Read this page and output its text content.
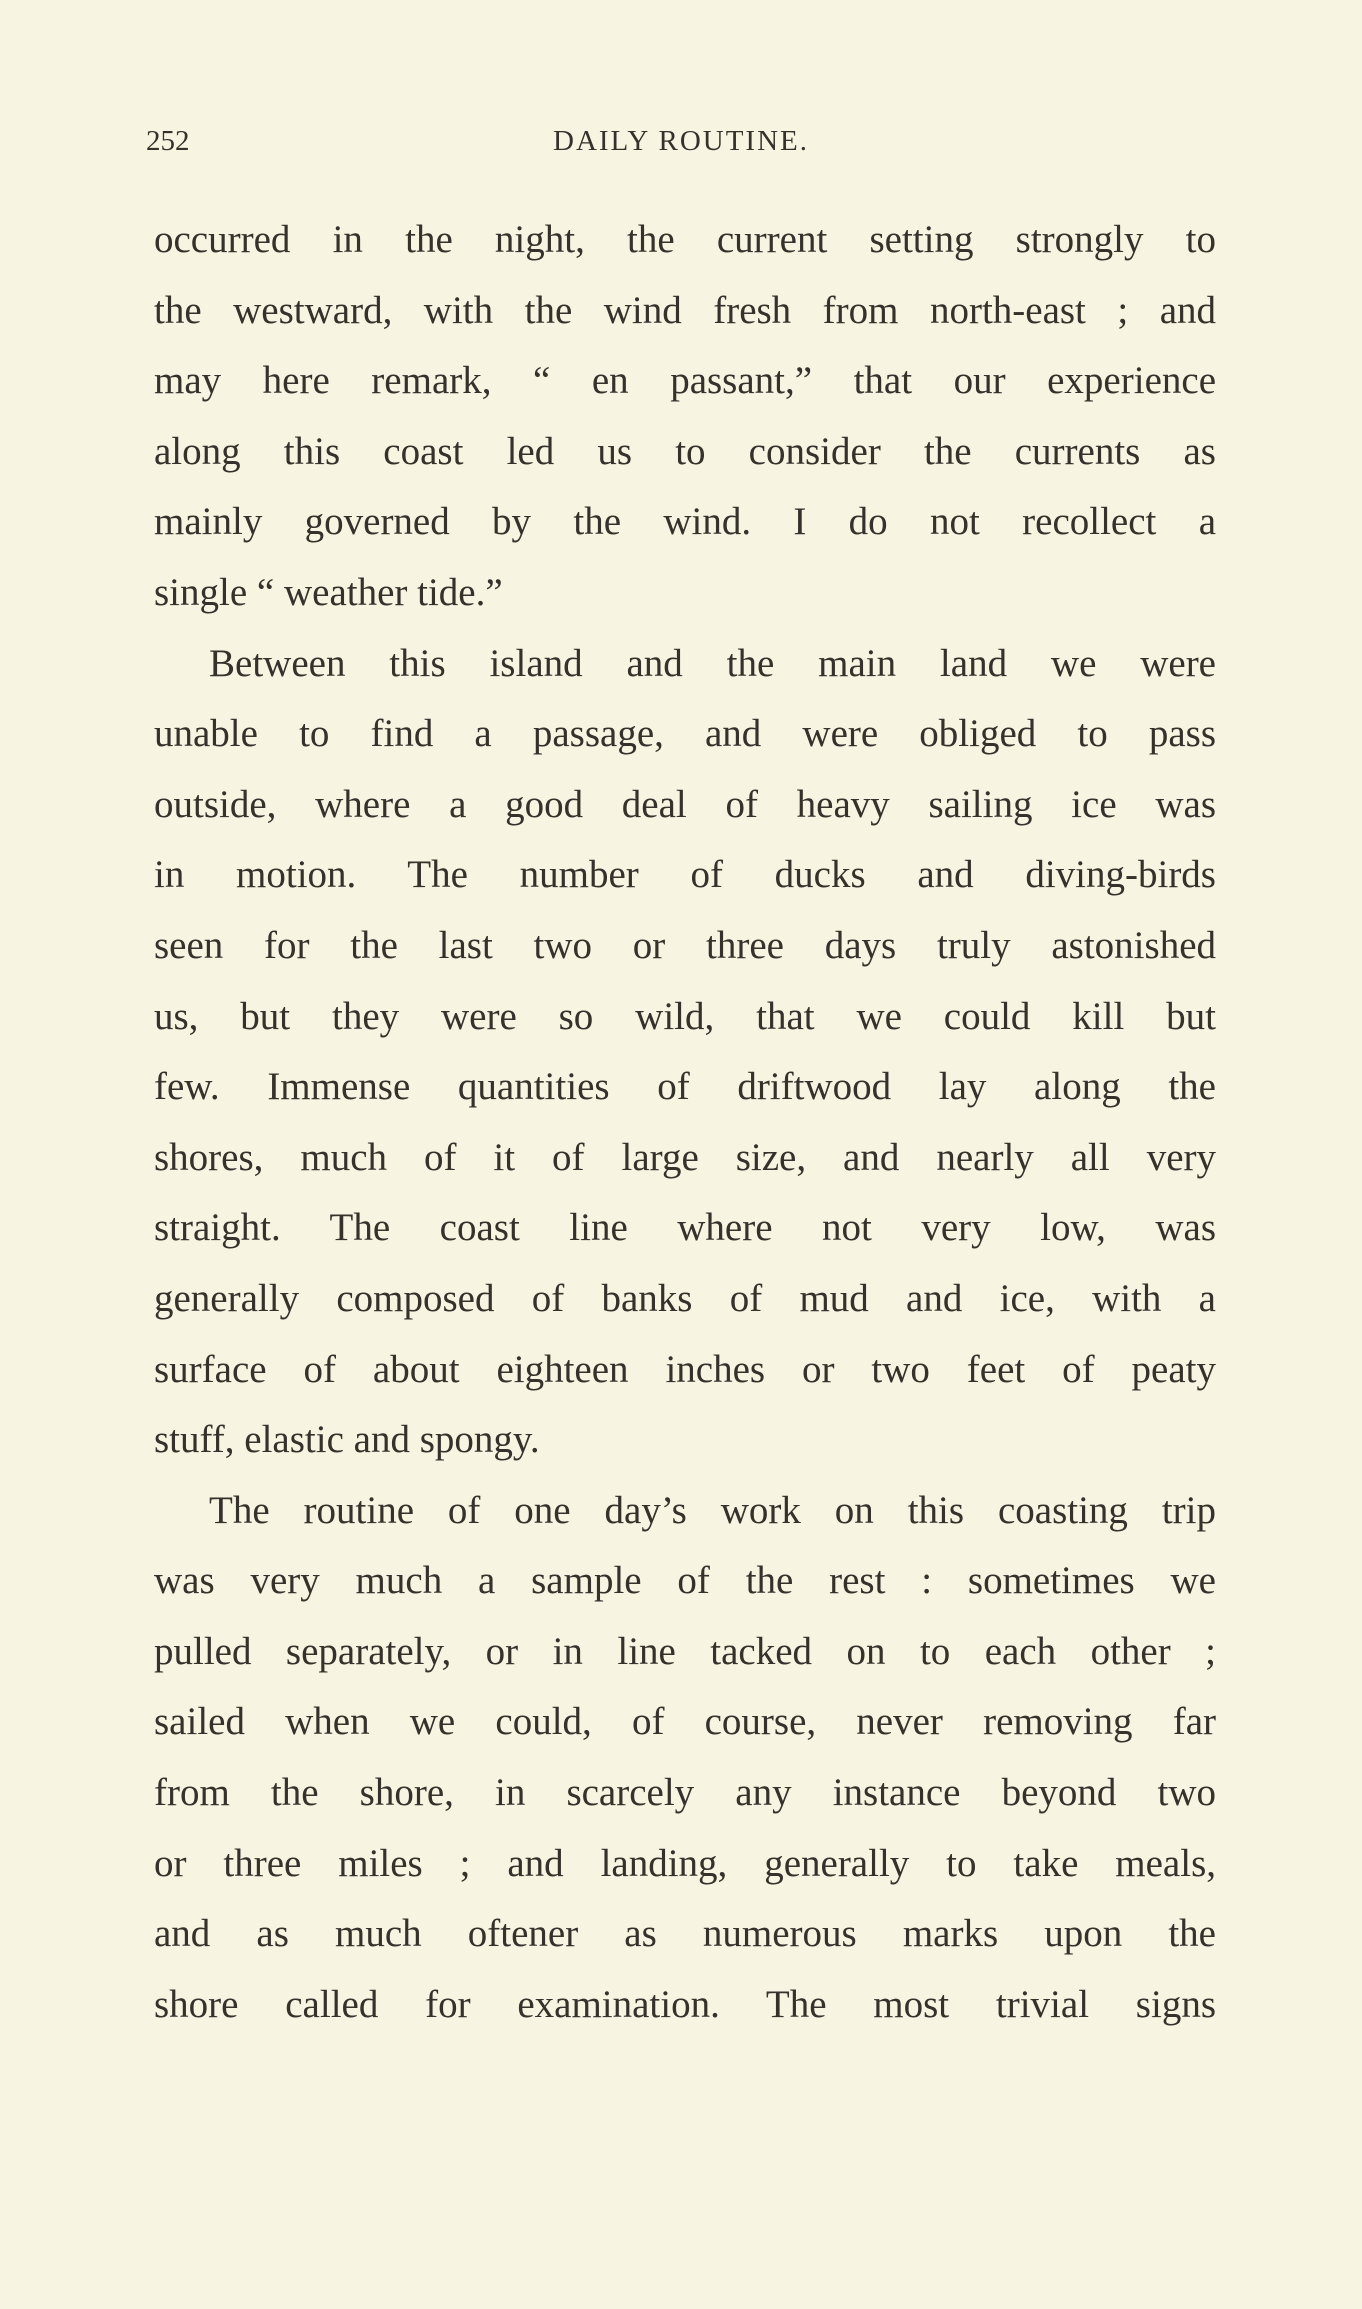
252	DAILY ROUTINE.
occurred in the night, the current setting strongly to
the westward, with the wind fresh from north-east ; and
may here remark, “ en passant,” that our experience
along this coast led us to consider the currents as
mainly governed by the wind. I do not recollect a
single “ weather tide.”
Between this island and the main land we were
unable to find a passage, and were obliged to pass
outside, where a good deal of heavy sailing ice was
in motion. The number of ducks and diving-birds
seen for the last two or three days truly astonished
us, but they were so wild, that we could kill but
few. Immense quantities of driftwood lay along the
shores, much of it of large size, and nearly all very
straight. The coast line where not very low, was
generally composed of banks of mud and ice, with a
surface of about eighteen inches or two feet of peaty
stuff, elastic and spongy.
The routine of one day’s work on this coasting trip
was very much a sample of the rest : sometimes we
pulled separately, or in line tacked on to each other ;
sailed when we could, of course, never removing far
from the shore, in scarcely any instance beyond two
or three miles ; and landing, generally to take meals,
and as much oftener as numerous marks upon the
shore called for examination. The most trivial signs
